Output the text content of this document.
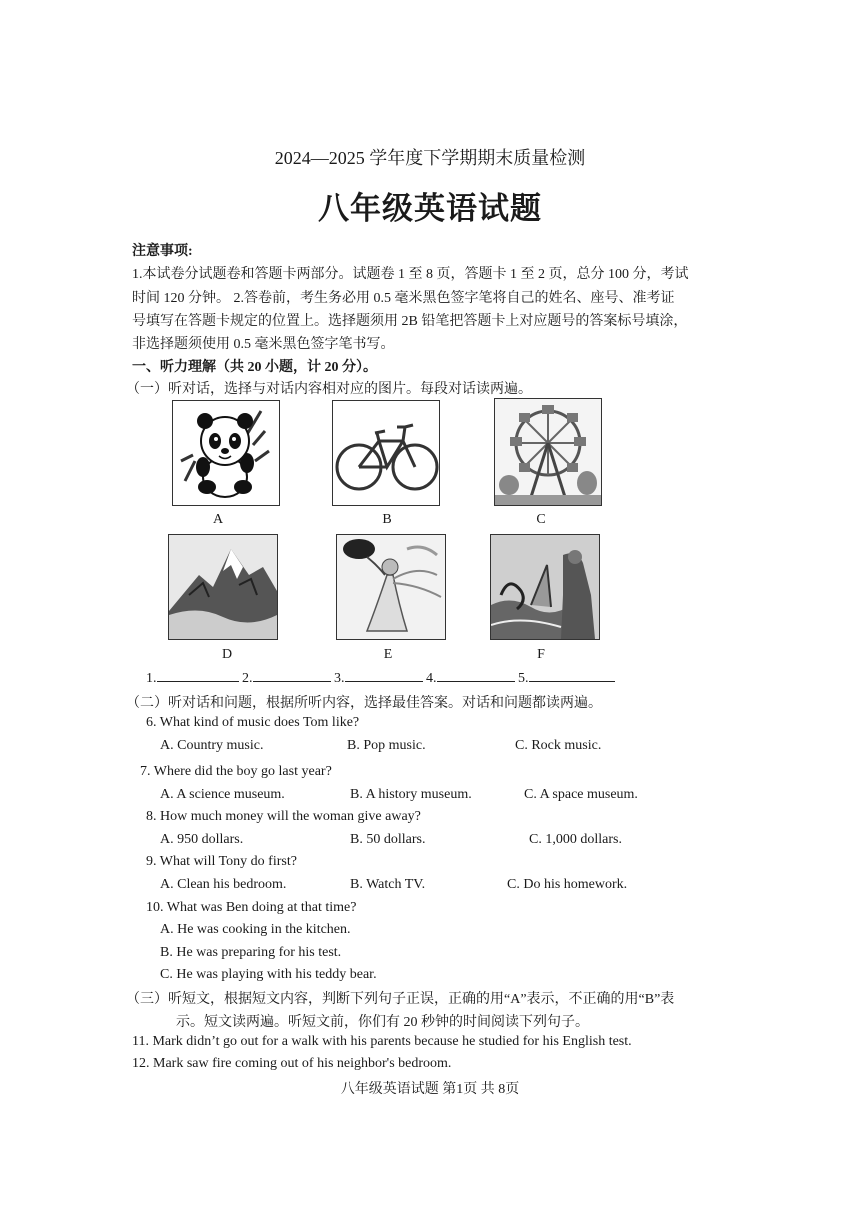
2024—2025 学年度下学期期末质量检测
八年级英语试题
注意事项:
1.本试卷分试题卷和答题卡两部分。试题卷 1 至 8 页，答题卡 1 至 2 页，总分 100 分，考试
时间 120 分钟。 2.答卷前，考生务必用 0.5 毫米黑色签字笔将自己的姓名、座号、准考证
号填写在答题卡规定的位置上。选择题须用 2B 铅笔把答题卡上对应题号的答案标号填涂，
非选择题须使用 0.5 毫米黑色签字笔书写。
一、听力理解（共 20 小题，计 20 分）。
（一）听对话，选择与对话内容相对应的图片。每段对话读两遍。
A	B	C
D	E	F
1.	2.	3.	4.	5.
（二）听对话和问题，根据所听内容，选择最佳答案。对话和问题都读两遍。
6. What kind of music does Tom like?
A. Country music.	B. Pop music.	C. Rock music.
7. Where did the boy go last year?
A. A science museum.	B. A history museum.	C. A space museum.
8. How much money will the woman give away?
A. 950 dollars.	B. 50 dollars.	C. 1,000 dollars.
9. What will Tony do first?
A. Clean his bedroom.	B. Watch TV.	C. Do his homework.
10. What was Ben doing at that time?
A. He was cooking in the kitchen.
B. He was preparing for his test.
C. He was playing with his teddy bear.
（三）听短文，根据短文内容，判断下列句子正误，正确的用“A”表示，不正确的用“B”表
示。短文读两遍。听短文前，你们有 20 秒钟的时间阅读下列句子。
11. Mark didn’t go out for a walk with his parents because he studied for his English test.
12. Mark saw fire coming out of his neighbor's bedroom.
八年级英语试题 第1页 共 8页
